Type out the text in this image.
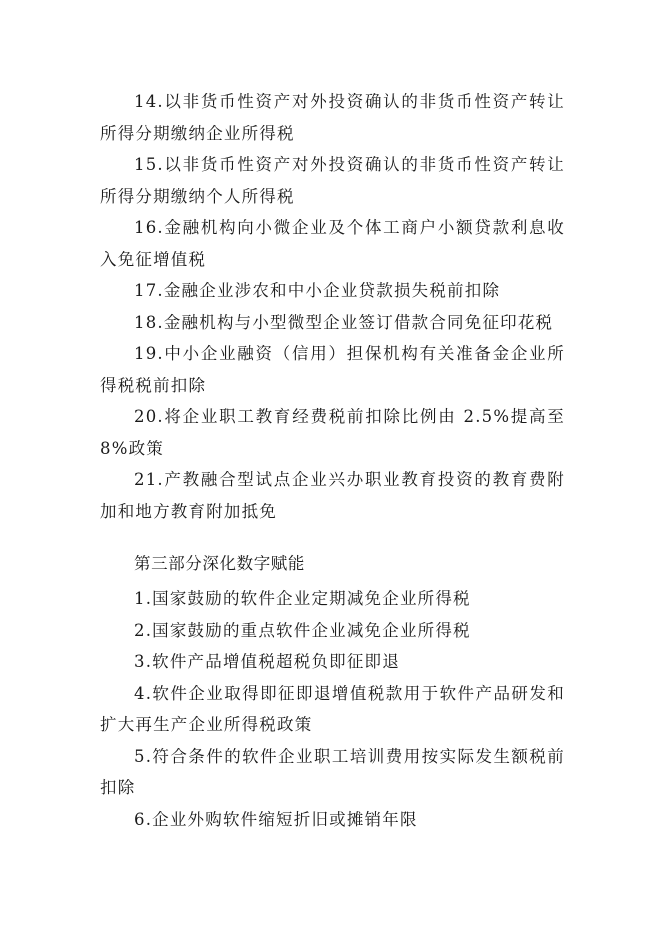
14.以非货币性资产对外投资确认的非货币性资产转让所得分期缴纳企业所得税
15.以非货币性资产对外投资确认的非货币性资产转让所得分期缴纳个人所得税
16.金融机构向小微企业及个体工商户小额贷款利息收入免征增值税
17.金融企业涉农和中小企业贷款损失税前扣除
18.金融机构与小型微型企业签订借款合同免征印花税
19.中小企业融资（信用）担保机构有关准备金企业所得税税前扣除
20.将企业职工教育经费税前扣除比例由 2.5%提高至 8%政策
21.产教融合型试点企业兴办职业教育投资的教育费附加和地方教育附加抵免
第三部分深化数字赋能
1.国家鼓励的软件企业定期减免企业所得税
2.国家鼓励的重点软件企业减免企业所得税
3.软件产品增值税超税负即征即退
4.软件企业取得即征即退增值税款用于软件产品研发和扩大再生产企业所得税政策
5.符合条件的软件企业职工培训费用按实际发生额税前扣除
6.企业外购软件缩短折旧或摊销年限
